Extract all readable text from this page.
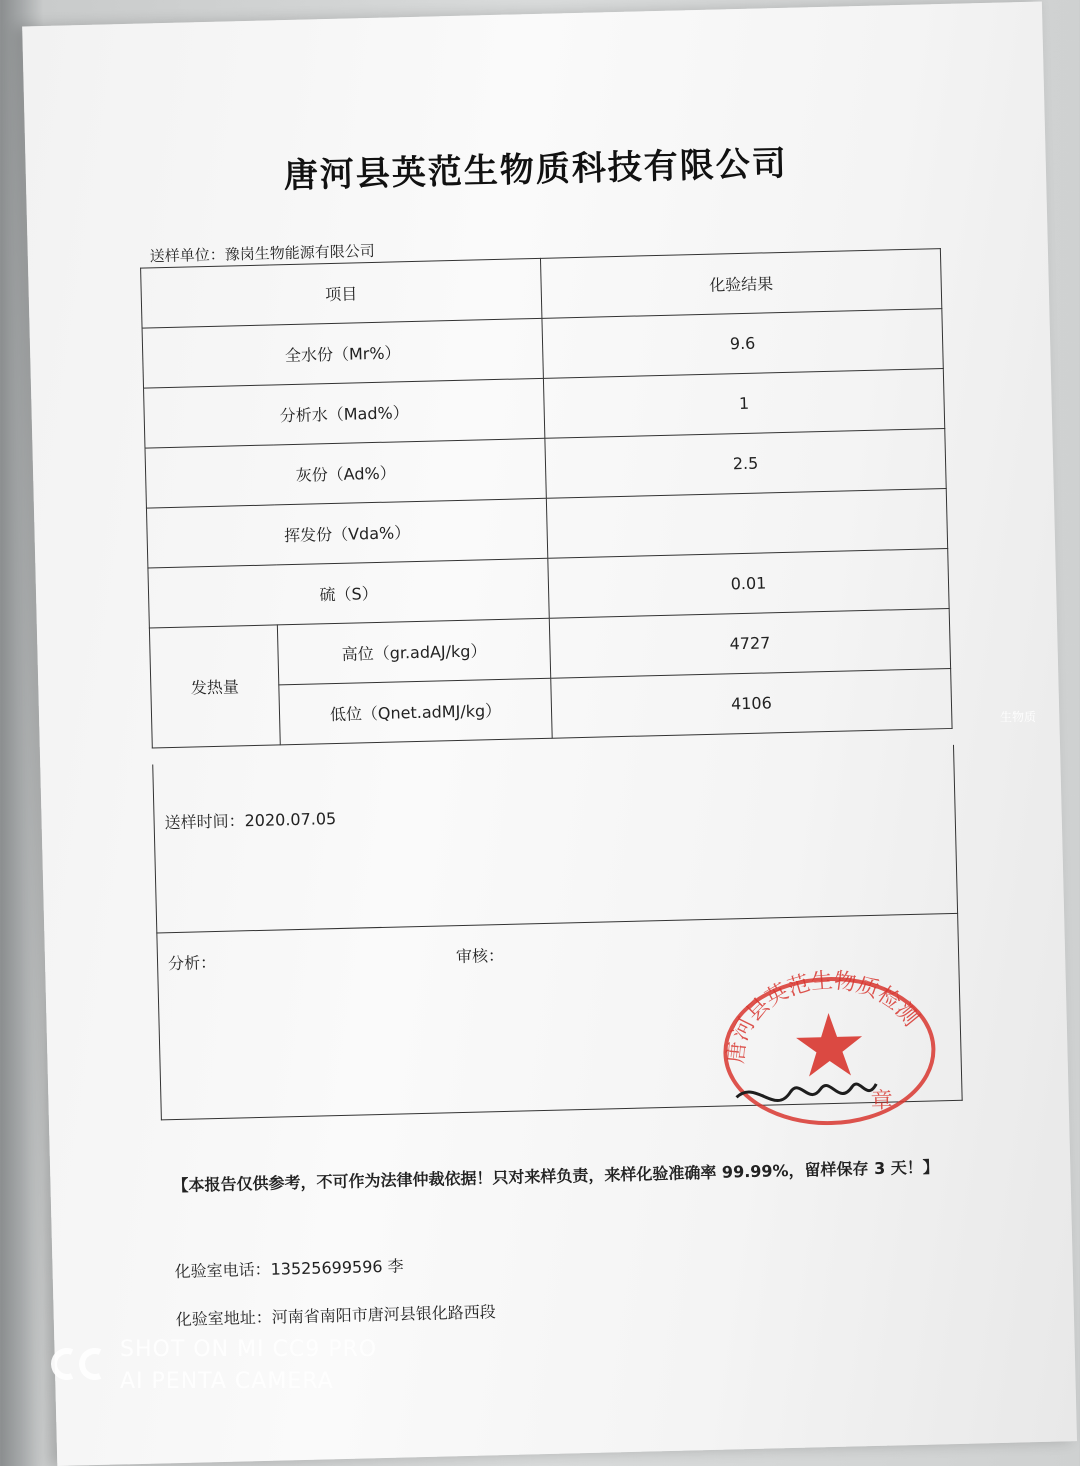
唐河县英范生物质科技有限公司
送样单位：豫岗生物能源有限公司
项目		化验结果
全水份（Mr%）		9.6
分析水（Mad%）		1
灰份（Ad%）		2.5
挥发份（Vda%）		
硫（S）		0.01
发热量	高位（gr.adAJ/kg）	4727
	低位（Qnet.adMJ/kg）	4106
送样时间：2020.07.05
分析：	审核：
唐河县英范生物质检测
章
【本报告仅供参考，不可作为法律仲裁依据！只对来样负责，来样化验准确率 99.99%，留样保存 3 天！】
化验室电话：13525699596 李
化验室地址：河南省南阳市唐河县银化路西段
生物质
SHOT ON MI CC9 PRO
AI PENTA CAMERA
